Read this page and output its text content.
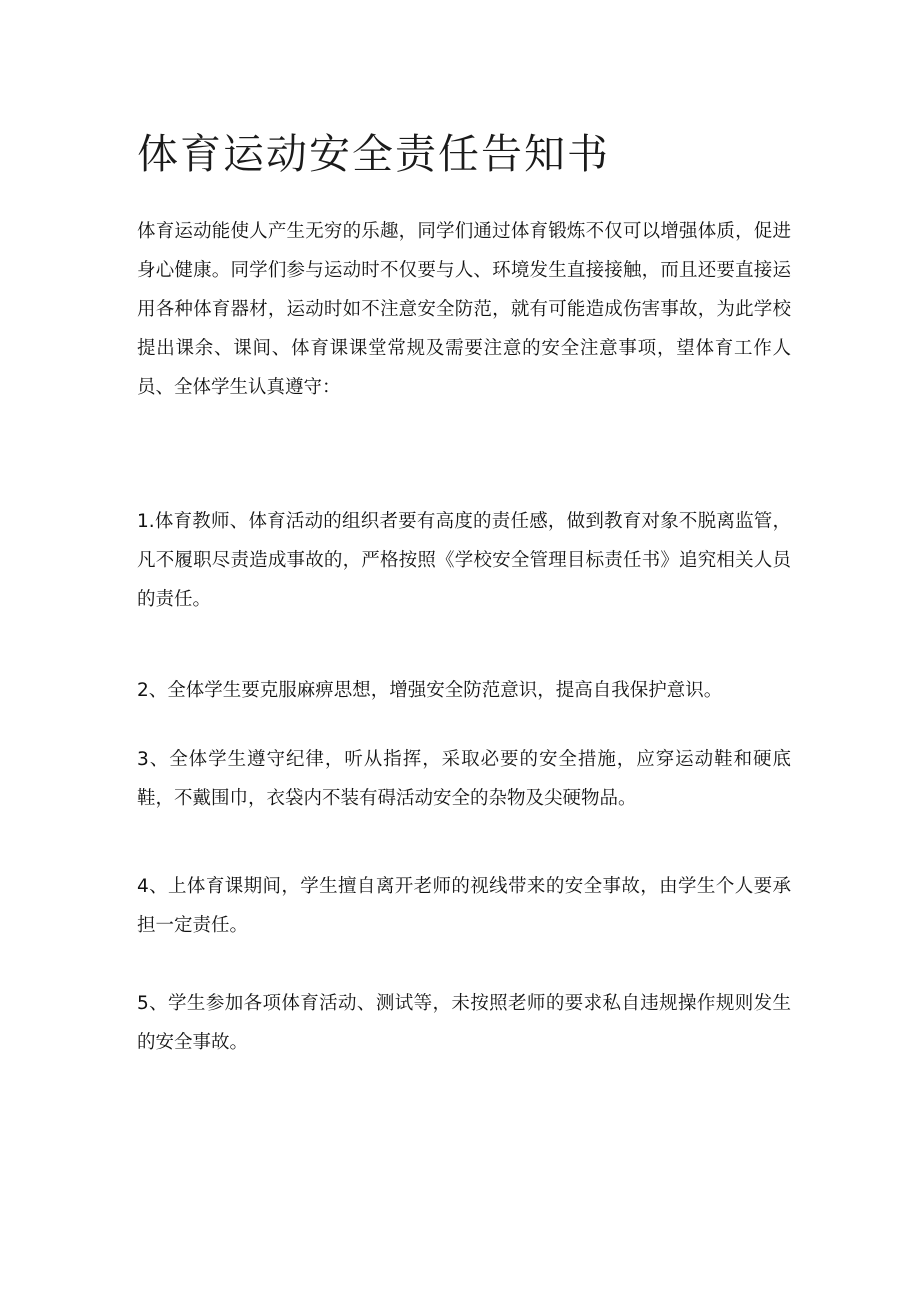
体育运动安全责任告知书

体育运动能使人产生无穷的乐趣，同学们通过体育锻炼不仅可以增强体质，促进身心健康。同学们参与运动时不仅要与人、环境发生直接接触，而且还要直接运用各种体育器材，运动时如不注意安全防范，就有可能造成伤害事故，为此学校提出课余、课间、体育课课堂常规及需要注意的安全注意事项，望体育工作人员、全体学生认真遵守：

1.体育教师、体育活动的组织者要有高度的责任感，做到教育对象不脱离监管，凡不履职尽责造成事故的，严格按照《学校安全管理目标责任书》追究相关人员的责任。

2、全体学生要克服麻痹思想，增强安全防范意识，提高自我保护意识。

3、全体学生遵守纪律，听从指挥，采取必要的安全措施，应穿运动鞋和硬底鞋，不戴围巾，衣袋内不装有碍活动安全的杂物及尖硬物品。

4、上体育课期间，学生擅自离开老师的视线带来的安全事故，由学生个人要承担一定责任。

5、学生参加各项体育活动、测试等，未按照老师的要求私自违规操作规则发生的安全事故。
